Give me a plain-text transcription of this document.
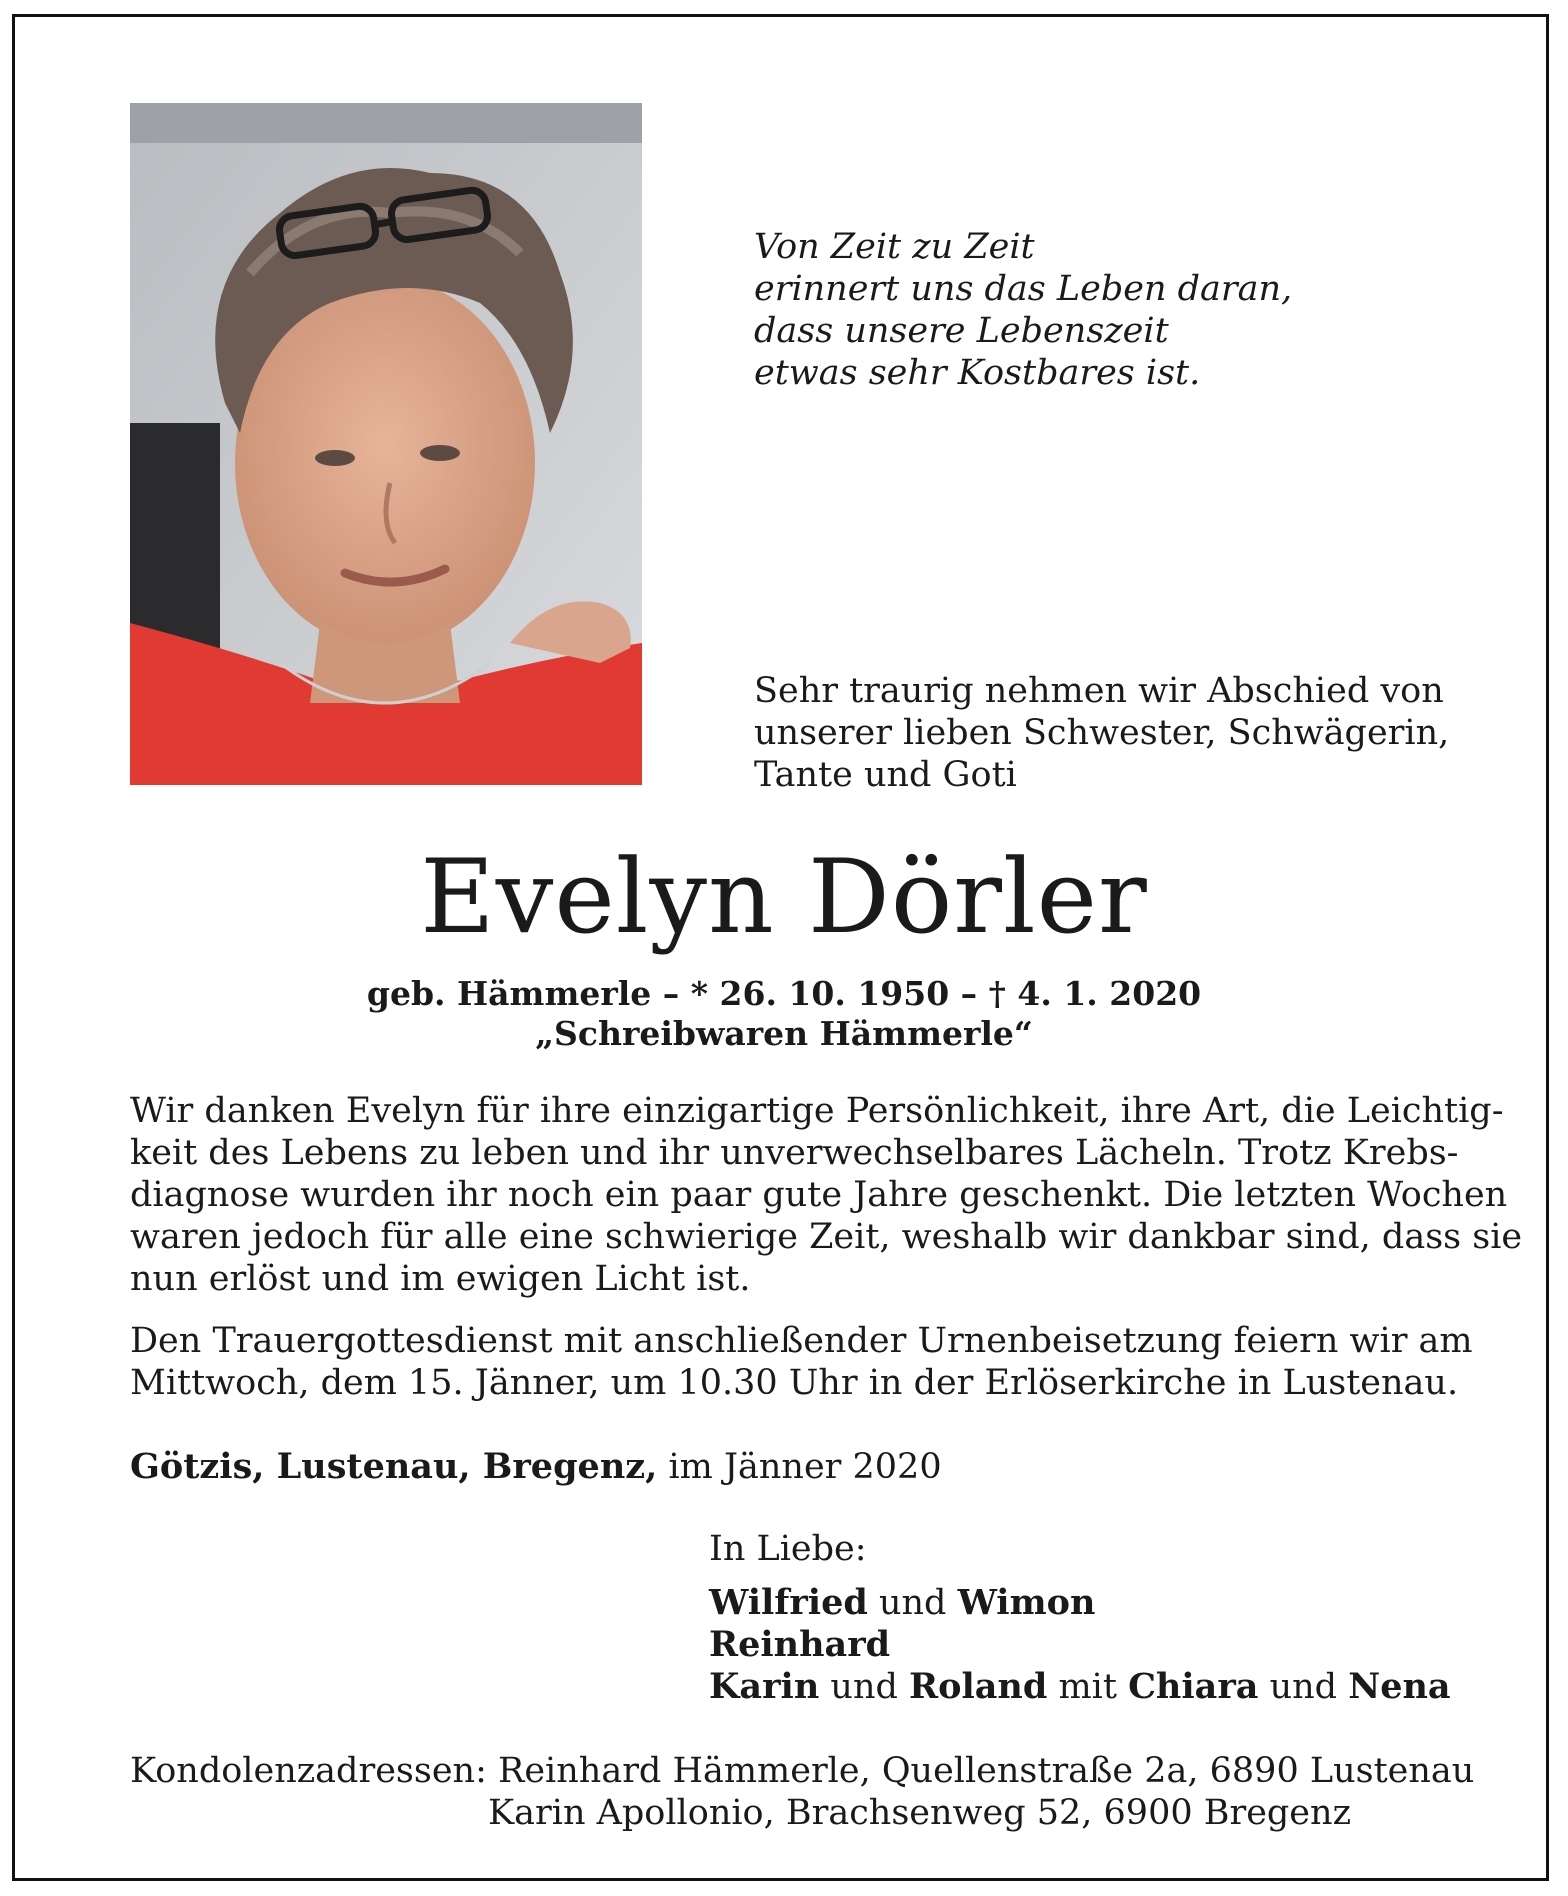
Von Zeit zu Zeit
erinnert uns das Leben daran,
dass unsere Lebenszeit
etwas sehr Kostbares ist.
Sehr traurig nehmen wir Abschied von
unserer lieben Schwester, Schwägerin,
Tante und Goti
Evelyn Dörler
geb. Hämmerle – * 26. 10. 1950 – † 4. 1. 2020
„Schreibwaren Hämmerle“
Wir danken Evelyn für ihre einzigartige Persönlichkeit, ihre Art, die Leichtig-
keit des Lebens zu leben und ihr unverwechselbares Lächeln. Trotz Krebs-
diagnose wurden ihr noch ein paar gute Jahre geschenkt. Die letzten Wochen
waren jedoch für alle eine schwierige Zeit, weshalb wir dankbar sind, dass sie
nun erlöst und im ewigen Licht ist.
Den Trauergottesdienst mit anschließender Urnenbeisetzung feiern wir am
Mittwoch, dem 15. Jänner, um 10.30 Uhr in der Erlöserkirche in Lustenau.
Götzis, Lustenau, Bregenz, im Jänner 2020
In Liebe:
Wilfried und Wimon
Reinhard
Karin und Roland mit Chiara und Nena
Kondolenzadressen: Reinhard Hämmerle, Quellenstraße 2a, 6890 Lustenau
Karin Apollonio, Brachsenweg 52, 6900 Bregenz
